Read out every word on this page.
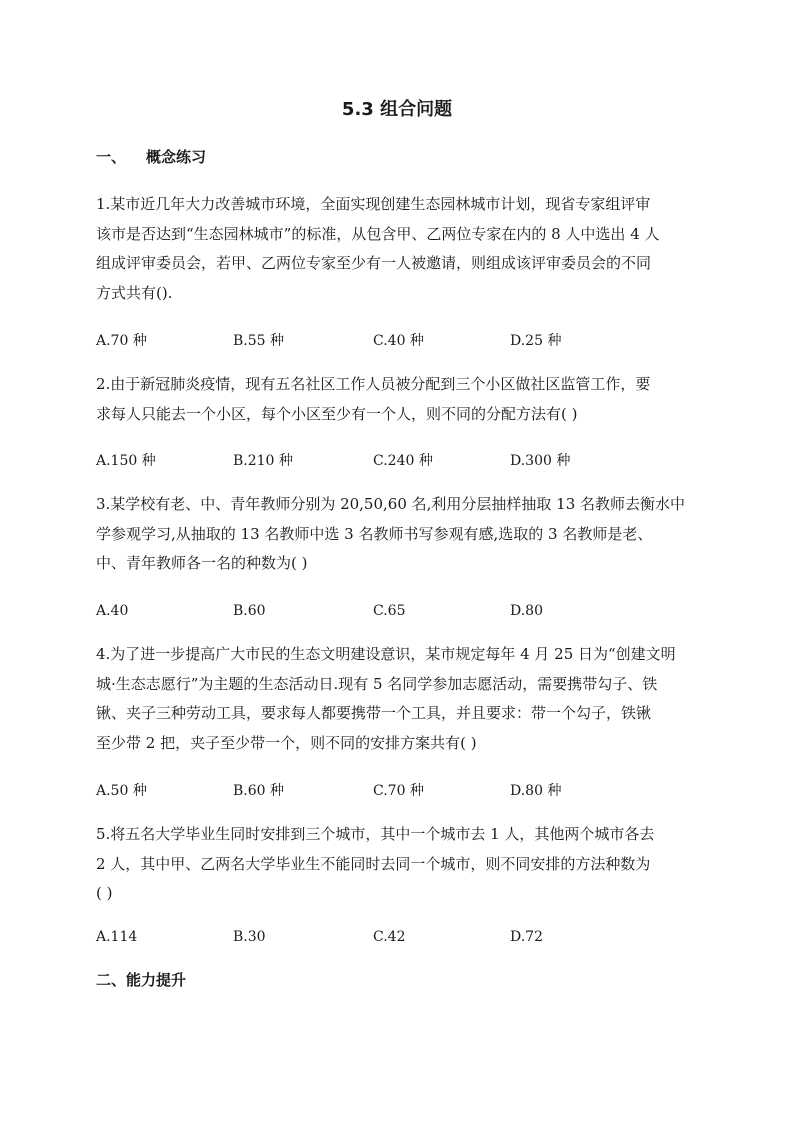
5.3 组合问题
一、 概念练习
1.某市近几年大力改善城市环境，全面实现创建生态园林城市计划，现省专家组评审
该市是否达到“生态园林城市”的标准，从包含甲、乙两位专家在内的 8 人中选出 4 人
组成评审委员会，若甲、乙两位专家至少有一人被邀请，则组成该评审委员会的不同
方式共有().
A.70 种	B.55 种	C.40 种	D.25 种
2.由于新冠肺炎疫情，现有五名社区工作人员被分配到三个小区做社区监管工作，要
求每人只能去一个小区，每个小区至少有一个人，则不同的分配方法有( )
A.150 种	B.210 种	C.240 种	D.300 种
3.某学校有老、中、青年教师分别为 20,50,60 名,利用分层抽样抽取 13 名教师去衡水中
学参观学习,从抽取的 13 名教师中选 3 名教师书写参观有感,选取的 3 名教师是老、
中、青年教师各一名的种数为( )
A.40	B.60	C.65	D.80
4.为了进一步提高广大市民的生态文明建设意识，某市规定每年 4 月 25 日为“创建文明
城·生态志愿行”为主题的生态活动日.现有 5 名同学参加志愿活动，需要携带勾子、铁
锹、夹子三种劳动工具，要求每人都要携带一个工具，并且要求：带一个勾子，铁锹
至少带 2 把，夹子至少带一个，则不同的安排方案共有( )
A.50 种	B.60 种	C.70 种	D.80 种
5.将五名大学毕业生同时安排到三个城市，其中一个城市去 1 人，其他两个城市各去
2 人，其中甲、乙两名大学毕业生不能同时去同一个城市，则不同安排的方法种数为
( )
A.114	B.30	C.42	D.72
二、能力提升
